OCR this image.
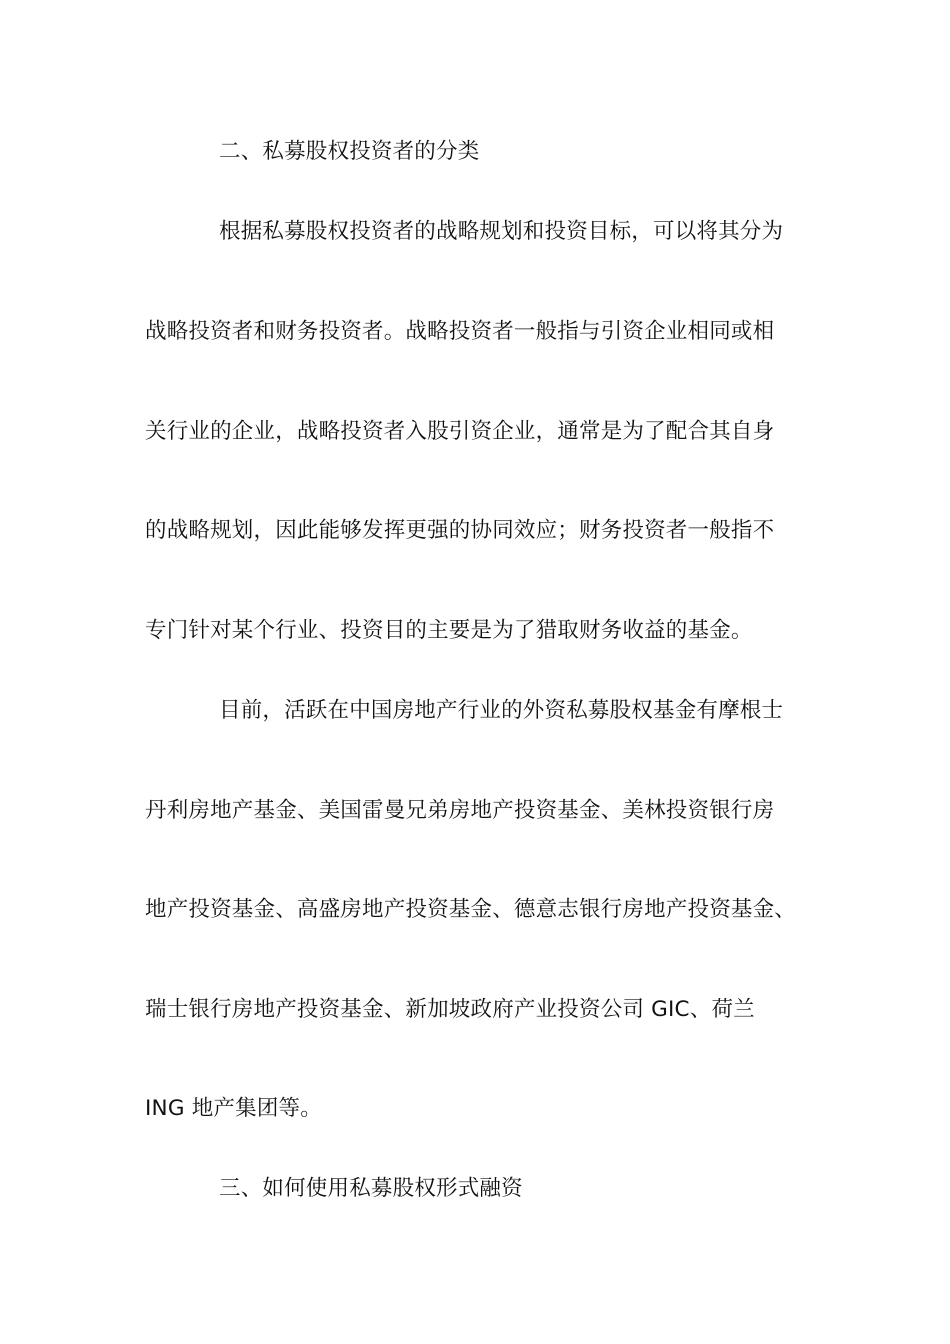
二、私募股权投资者的分类
根据私募股权投资者的战略规划和投资目标，可以将其分为
战略投资者和财务投资者。战略投资者一般指与引资企业相同或相
关行业的企业，战略投资者入股引资企业，通常是为了配合其自身
的战略规划，因此能够发挥更强的协同效应；财务投资者一般指不
专门针对某个行业、投资目的主要是为了猎取财务收益的基金。
目前，活跃在中国房地产行业的外资私募股权基金有摩根士
丹利房地产基金、美国雷曼兄弟房地产投资基金、美林投资银行房
地产投资基金、高盛房地产投资基金、德意志银行房地产投资基金、
瑞士银行房地产投资基金、新加坡政府产业投资公司 GIC、荷兰
ING 地产集团等。
三、如何使用私募股权形式融资
